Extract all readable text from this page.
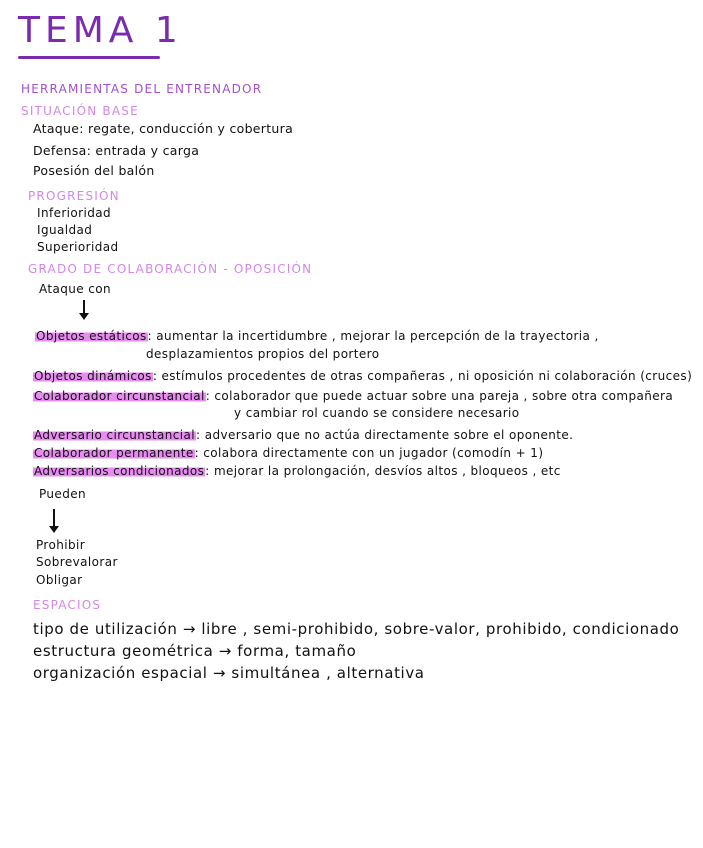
TEMA 1
HERRAMIENTAS DEL ENTRENADOR
SITUACIÓN BASE
Ataque: regate, conducción y cobertura
Defensa: entrada y carga
Posesión del balón
PROGRESIÓN
Inferioridad
Igualdad
Superioridad
GRADO DE COLABORACIÓN - OPOSICIÓN
Ataque con
Objetos estáticos: aumentar la incertidumbre , mejorar la percepción de la trayectoria ,
desplazamientos propios del portero
Objetos dinámicos: estímulos procedentes de otras compañeras , ni oposición ni colaboración (cruces)
Colaborador circunstancial: colaborador que puede actuar sobre una pareja , sobre otra compañera
y cambiar rol cuando se considere necesario
Adversario circunstancial: adversario que no actúa directamente sobre el oponente.
Colaborador permanente: colabora directamente con un jugador (comodín + 1)
Adversarios condicionados: mejorar la prolongación, desvíos altos , bloqueos , etc
Pueden
Prohibir
Sobrevalorar
Obligar
ESPACIOS
tipo de utilización → libre , semi-prohibido, sobre-valor, prohibido, condicionado
estructura geométrica → forma, tamaño
organización espacial → simultánea , alternativa
